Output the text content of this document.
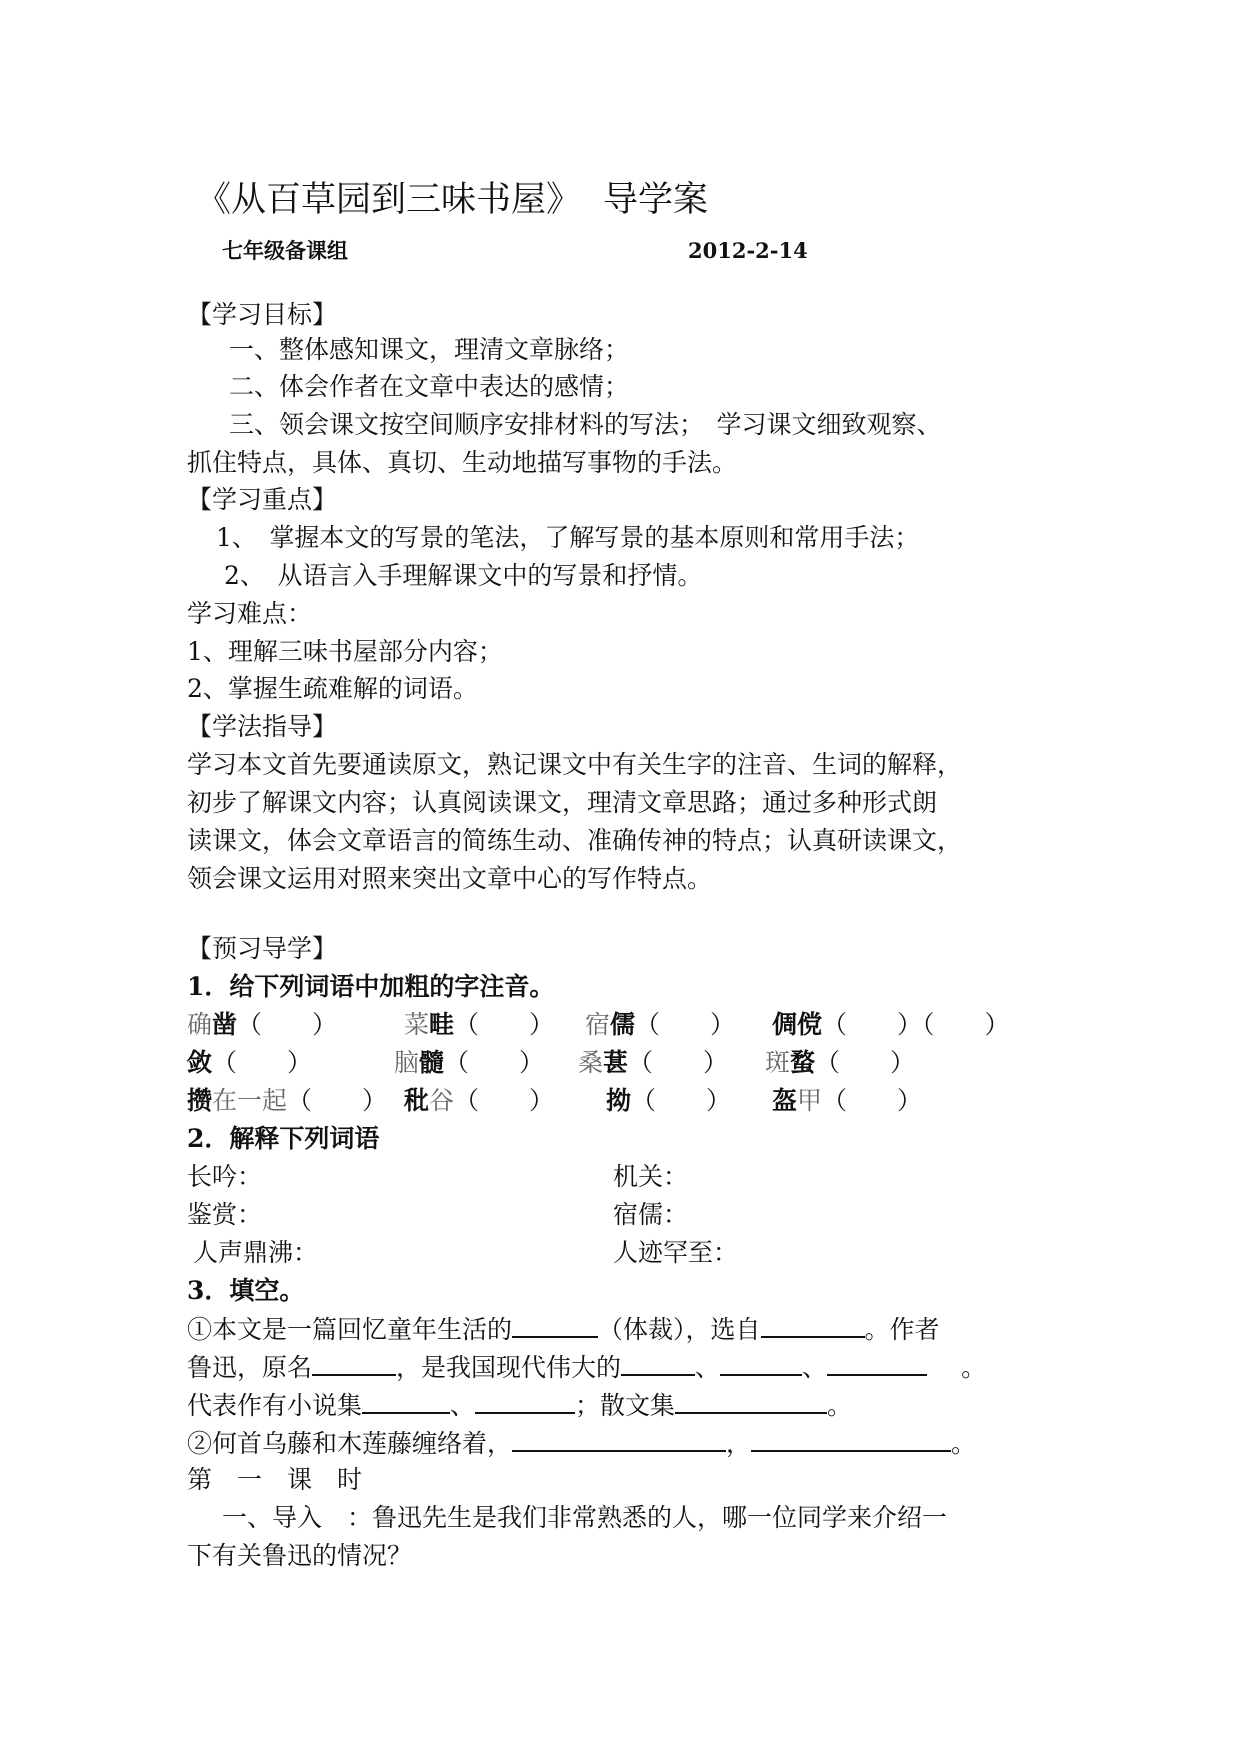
《从百草园到三味书屋》 导学案
七年级备课组	2012-2-14
【学习目标】
一、整体感知课文，理清文章脉络；
二、体会作者在文章中表达的感情；
三、领会课文按空间顺序安排材料的写法；　学习课文细致观察、
抓住特点，具体、真切、生动地描写事物的手法。
【学习重点】
1、　掌握本文的写景的笔法，了解写景的基本原则和常用手法；
2、　从语言入手理解课文中的写景和抒情。
学习难点：
1、理解三味书屋部分内容；
2、掌握生疏难解的词语。
【学法指导】
学习本文首先要通读原文，熟记课文中有关生字的注音、生词的解释，
初步了解课文内容；认真阅读课文，理清文章思路；通过多种形式朗
读课文，体会文章语言的简练生动、准确传神的特点；认真研读课文，
领会课文运用对照来突出文章中心的写作特点。
【预习导学】
1．给下列词语中加粗的字注音。
确凿（　　）	菜畦（　　） 宿儒（　　） 倜傥（　　）（　　）
敛（　　）	脑髓（　　） 桑葚（　　） 斑蝥（　　）
攒在一起（　　） 秕谷（　　） 拗（　　） 盔甲（　　）
2．解释下列词语
长吟：	机关：
鉴赏：	宿儒：
人声鼎沸：	人迹罕至：
3．填空。
①本文是一篇回忆童年生活的	（体裁），选自	。作者
鲁迅，原名	，是我国现代伟大的	、	、	。
代表作有小说集	、	；散文集	。
②何首乌藤和木莲藤缠络着，	，	。
第　一　课　时
一、导入　：鲁迅先生是我们非常熟悉的人，哪一位同学来介绍一
下有关鲁迅的情况？
